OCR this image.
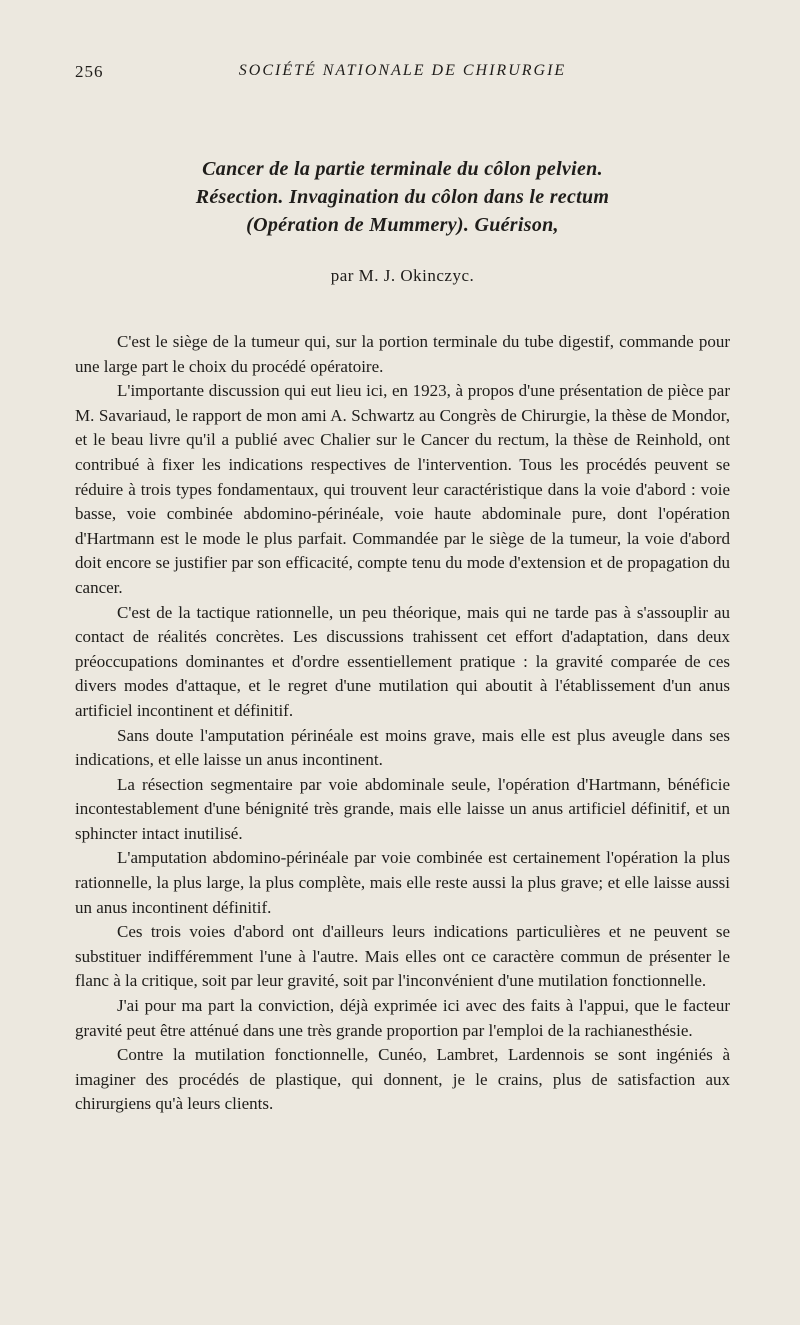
256	SOCIÉTÉ NATIONALE DE CHIRURGIE
Cancer de la partie terminale du côlon pelvien.
Résection. Invagination du côlon dans le rectum
(Opération de Mummery). Guérison,
par M. J. Okinczyc.

C'est le siège de la tumeur qui, sur la portion terminale du tube digestif, commande pour une large part le choix du procédé opératoire.

L'importante discussion qui eut lieu ici, en 1923, à propos d'une présentation de pièce par M. Savariaud, le rapport de mon ami A. Schwartz au Congrès de Chirurgie, la thèse de Mondor, et le beau livre qu'il a publié avec Chalier sur le Cancer du rectum, la thèse de Reinhold, ont contribué à fixer les indications respectives de l'intervention. Tous les procédés peuvent se réduire à trois types fondamentaux, qui trouvent leur caractéristique dans la voie d'abord : voie basse, voie combinée abdomino-périnéale, voie haute abdominale pure, dont l'opération d'Hartmann est le mode le plus parfait. Commandée par le siège de la tumeur, la voie d'abord doit encore se justifier par son efficacité, compte tenu du mode d'extension et de propagation du cancer.

C'est de la tactique rationnelle, un peu théorique, mais qui ne tarde pas à s'assouplir au contact de réalités concrètes. Les discussions trahissent cet effort d'adaptation, dans deux préoccupations dominantes et d'ordre essentiellement pratique : la gravité comparée de ces divers modes d'attaque, et le regret d'une mutilation qui aboutit à l'établissement d'un anus artificiel incontinent et définitif.

Sans doute l'amputation périnéale est moins grave, mais elle est plus aveugle dans ses indications, et elle laisse un anus incontinent.

La résection segmentaire par voie abdominale seule, l'opération d'Hartmann, bénéficie incontestablement d'une bénignité très grande, mais elle laisse un anus artificiel définitif, et un sphincter intact inutilisé.

L'amputation abdomino-périnéale par voie combinée est certainement l'opération la plus rationnelle, la plus large, la plus complète, mais elle reste aussi la plus grave; et elle laisse aussi un anus incontinent définitif.

Ces trois voies d'abord ont d'ailleurs leurs indications particulières et ne peuvent se substituer indifféremment l'une à l'autre. Mais elles ont ce caractère commun de présenter le flanc à la critique, soit par leur gravité, soit par l'inconvénient d'une mutilation fonctionnelle.

J'ai pour ma part la conviction, déjà exprimée ici avec des faits à l'appui, que le facteur gravité peut être atténué dans une très grande proportion par l'emploi de la rachianesthésie.

Contre la mutilation fonctionnelle, Cunéo, Lambret, Lardennois se sont ingéniés à imaginer des procédés de plastique, qui donnent, je le crains, plus de satisfaction aux chirurgiens qu'à leurs clients.
